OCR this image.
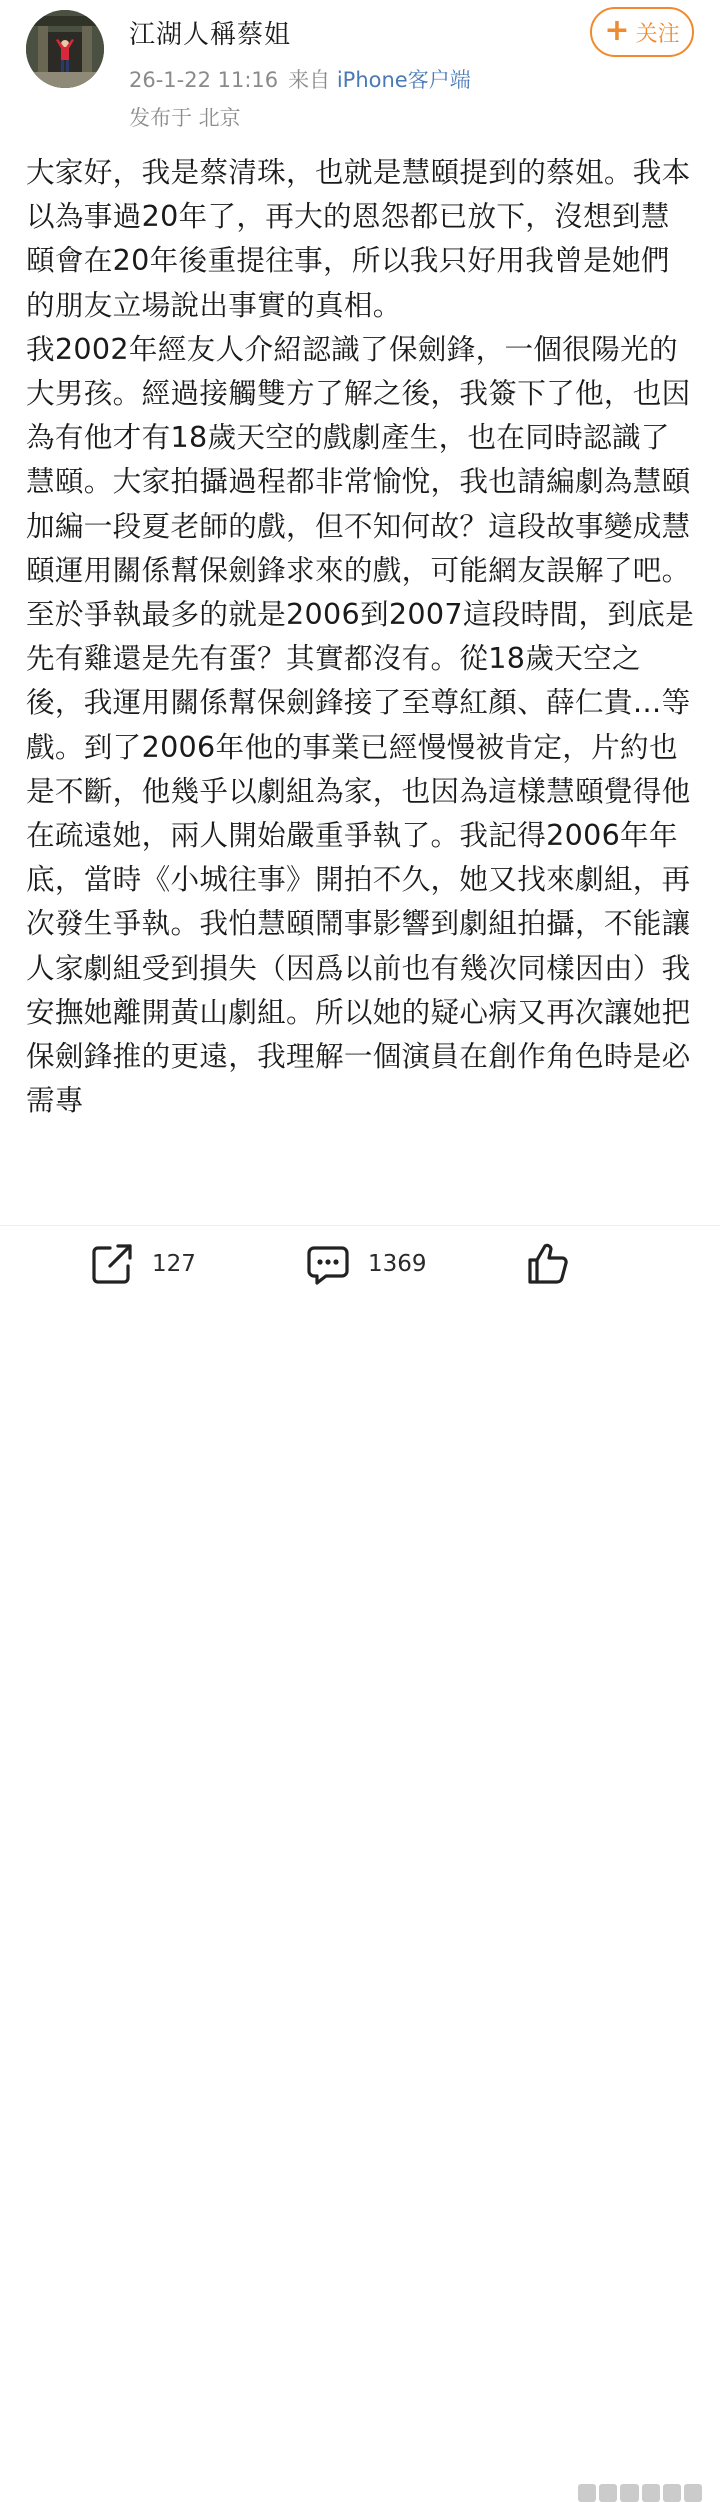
江湖人稱蔡姐
26-1-22 11:16 来自 iPhone客户端
发布于 北京
+ 关注

大家好，我是蔡清珠，也就是慧頤提到的蔡姐。我本以為事過20年了，再大的恩怨都已放下，沒想到慧頤會在20年後重提往事，所以我只好用我曾是她們的朋友立場說出事實的真相。

我2002年經友人介紹認識了保劍鋒，一個很陽光的大男孩。經過接觸雙方了解之後，我簽下了他，也因為有他才有18歲天空的戲劇產生，也在同時認識了慧頤。大家拍攝過程都非常愉悅，我也請編劇為慧頤加編一段夏老師的戲，但不知何故？這段故事變成慧頤運用關係幫保劍鋒求來的戲，可能網友誤解了吧。

至於爭執最多的就是2006到2007這段時間，到底是先有雞還是先有蛋？其實都沒有。從18歲天空之後，我運用關係幫保劍鋒接了至尊紅顏、薛仁貴…等戲。到了2006年他的事業已經慢慢被肯定，片約也是不斷，他幾乎以劇組為家，也因為這樣慧頤覺得他在疏遠她，兩人開始嚴重爭執了。我記得2006年年底，當時《小城往事》開拍不久，她又找來劇組，再次發生爭執。我怕慧頤鬧事影響到劇組拍攝，不能讓人家劇組受到損失（因爲以前也有幾次同樣因由）我安撫她離開黃山劇組。所以她的疑心病又再次讓她把保劍鋒推的更遠，我理解一個演員在創作角色時是必需專

127	1369
